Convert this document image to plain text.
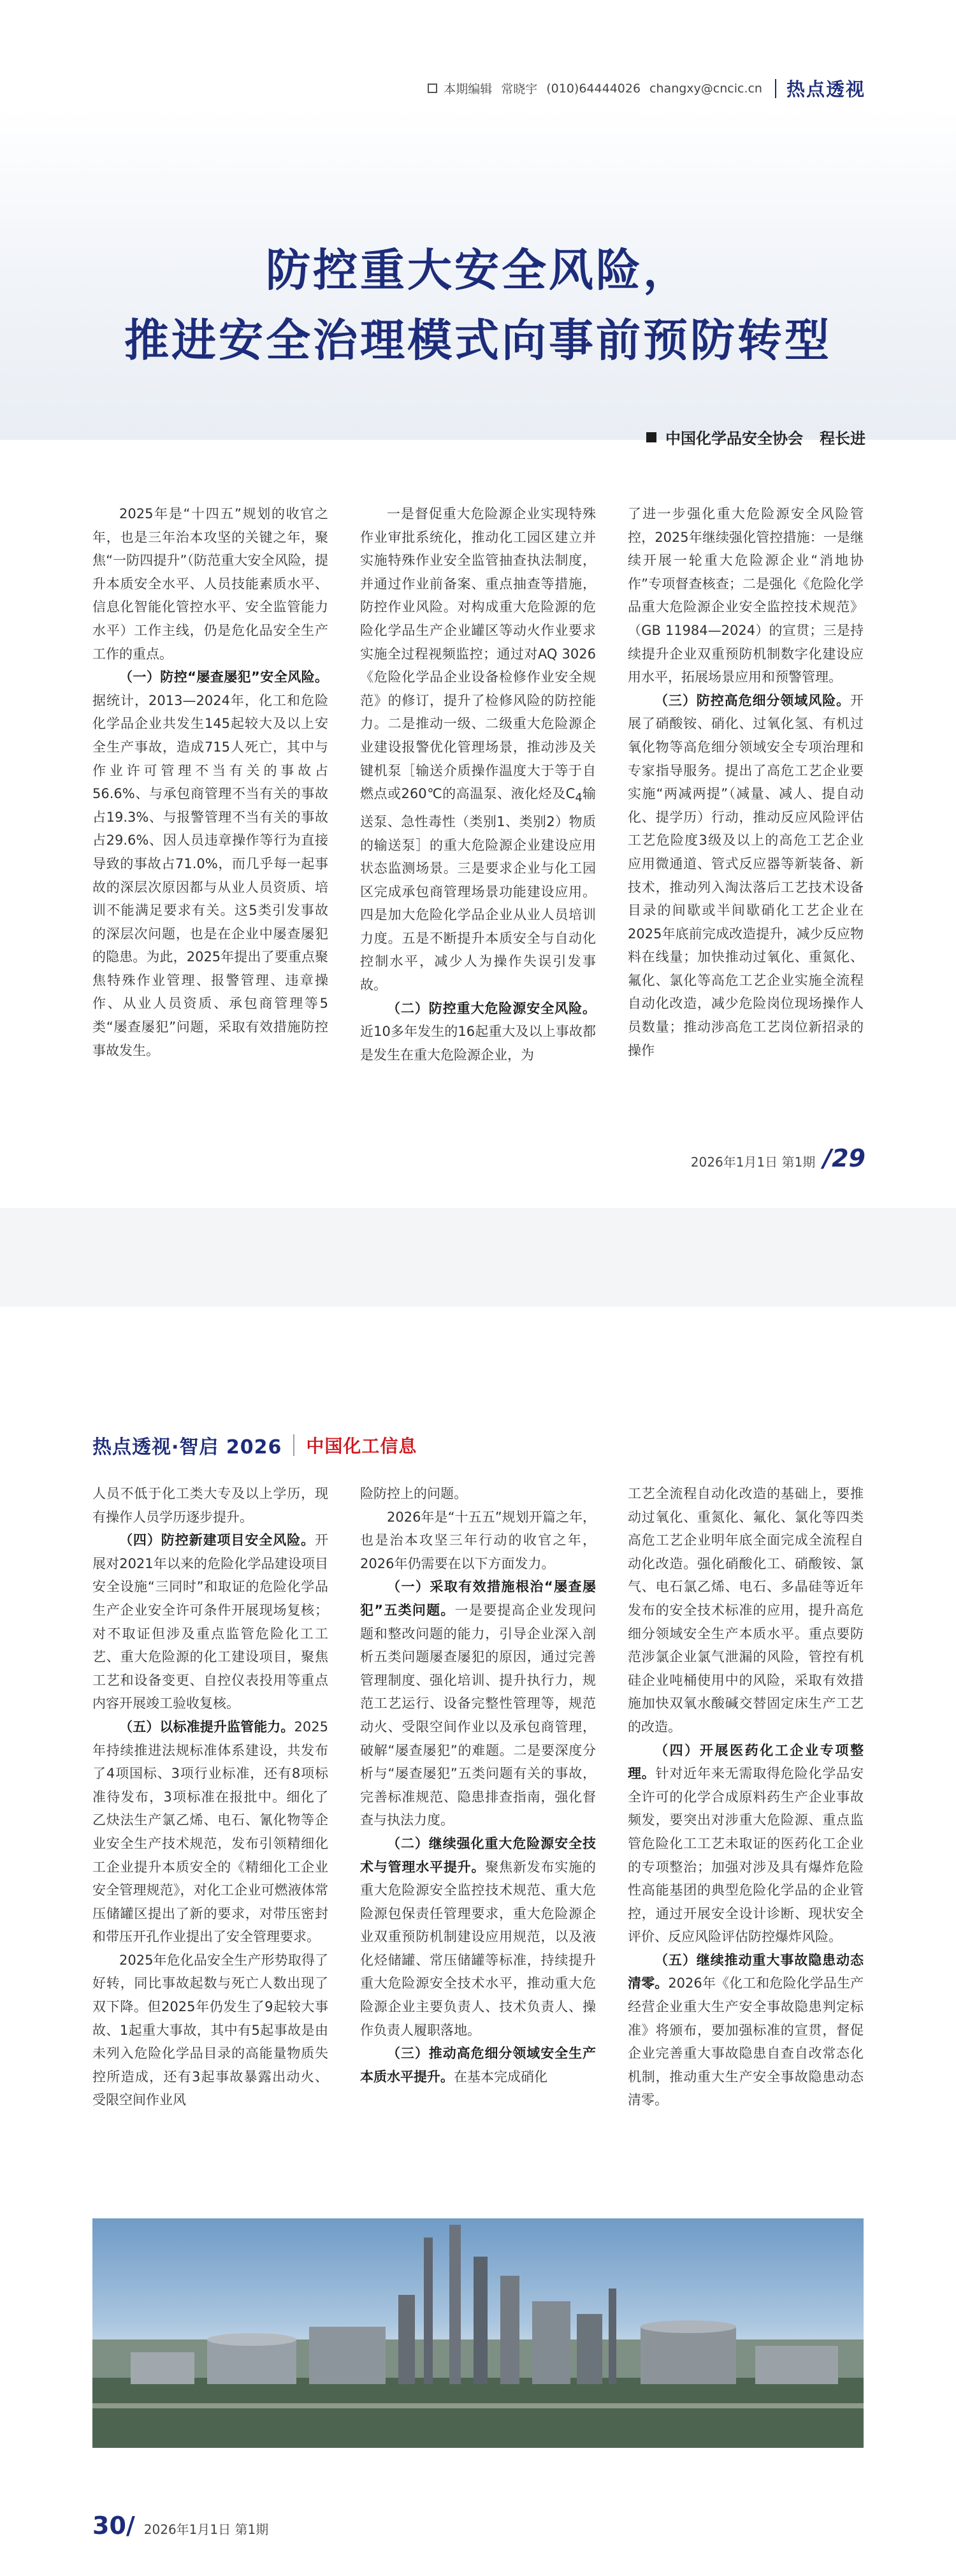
本期编辑 常晓宇 (010)64444026 changxy@cncic.cn 热点透视
防控重大安全风险，
推进安全治理模式向事前预防转型
中国化学品安全协会 程长进

2025年是“十四五”规划的收官之年，也是三年治本攻坚的关键之年，聚焦“一防四提升”（防范重大安全风险，提升本质安全水平、人员技能素质水平、信息化智能化管控水平、安全监管能力水平）工作主线，仍是危化品安全生产工作的重点。

（一）防控“屡查屡犯”安全风险。据统计，2013—2024年，化工和危险化学品企业共发生145起较大及以上安全生产事故，造成715人死亡，其中与作业许可管理不当有关的事故占56.6%、与承包商管理不当有关的事故占19.3%、与报警管理不当有关的事故占29.6%、因人员违章操作等行为直接导致的事故占71.0%，而几乎每一起事故的深层次原因都与从业人员资质、培训不能满足要求有关。这5类引发事故的深层次问题，也是在企业中屡查屡犯的隐患。为此，2025年提出了要重点聚焦特殊作业管理、报警管理、违章操作、从业人员资质、承包商管理等5类“屡查屡犯”问题，采取有效措施防控事故发生。

一是督促重大危险源企业实现特殊作业审批系统化，推动化工园区建立并实施特殊作业安全监管抽查执法制度，并通过作业前备案、重点抽查等措施，防控作业风险。对构成重大危险源的危险化学品生产企业罐区等动火作业要求实施全过程视频监控；通过对AQ 3026《危险化学品企业设备检修作业安全规范》的修订，提升了检修风险的防控能力。二是推动一级、二级重大危险源企业建设报警优化管理场景，推动涉及关键机泵［输送介质操作温度大于等于自燃点或260℃的高温泵、液化烃及$C_4$输送泵、急性毒性（类别1、类别2）物质的输送泵］的重大危险源企业建设应用状态监测场景。三是要求企业与化工园区完成承包商管理场景功能建设应用。四是加大危险化学品企业从业人员培训力度。五是不断提升本质安全与自动化控制水平，减少人为操作失误引发事故。

（二）防控重大危险源安全风险。近10多年发生的16起重大及以上事故都是发生在重大危险源企业，为

了进一步强化重大危险源安全风险管控，2025年继续强化管控措施：一是继续开展一轮重大危险源企业“消地协作”专项督查核查；二是强化《危险化学品重大危险源企业安全监控技术规范》（GB 11984—2024）的宣贯；三是持续提升企业双重预防机制数字化建设应用水平，拓展场景应用和预警管理。

（三）防控高危细分领域风险。开展了硝酸铵、硝化、过氧化氢、有机过氧化物等高危细分领域安全专项治理和专家指导服务。提出了高危工艺企业要实施“两减两提”（减量、减人、提自动化、提学历）行动，推动反应风险评估工艺危险度3级及以上的高危工艺企业应用微通道、管式反应器等新装备、新技术，推动列入淘汰落后工艺技术设备目录的间歇或半间歇硝化工艺企业在2025年底前完成改造提升，减少反应物料在线量；加快推动过氧化、重氮化、氟化、氯化等高危工艺企业实施全流程自动化改造，减少危险岗位现场操作人员数量；推动涉高危工艺岗位新招录的操作

2026年1月1日 第1期 /29
热点透视·智启 2026 中国化工信息

人员不低于化工类大专及以上学历，现有操作人员学历逐步提升。

（四）防控新建项目安全风险。开展对2021年以来的危险化学品建设项目安全设施“三同时”和取证的危险化学品生产企业安全许可条件开展现场复核；对不取证但涉及重点监管危险化工工艺、重大危险源的化工建设项目，聚焦工艺和设备变更、自控仪表投用等重点内容开展竣工验收复核。

（五）以标准提升监管能力。2025年持续推进法规标准体系建设，共发布了4项国标、3项行业标准，还有8项标准待发布，3项标准在报批中。细化了乙炔法生产氯乙烯、电石、氰化物等企业安全生产技术规范，发布引领精细化工企业提升本质安全的《精细化工企业安全管理规范》，对化工企业可燃液体常压储罐区提出了新的要求，对带压密封和带压开孔作业提出了安全管理要求。

2025年危化品安全生产形势取得了好转，同比事故起数与死亡人数出现了双下降。但2025年仍发生了9起较大事故、1起重大事故，其中有5起事故是由未列入危险化学品目录的高能量物质失控所造成，还有3起事故暴露出动火、受限空间作业风

险防控上的问题。

2026年是“十五五”规划开篇之年，也是治本攻坚三年行动的收官之年，2026年仍需要在以下方面发力。

（一）采取有效措施根治“屡查屡犯”五类问题。一是要提高企业发现问题和整改问题的能力，引导企业深入剖析五类问题屡查屡犯的原因，通过完善管理制度、强化培训、提升执行力，规范工艺运行、设备完整性管理等，规范动火、受限空间作业以及承包商管理，破解“屡查屡犯”的难题。二是要深度分析与“屡查屡犯”五类问题有关的事故，完善标准规范、隐患排查指南，强化督查与执法力度。

（二）继续强化重大危险源安全技术与管理水平提升。聚焦新发布实施的重大危险源安全监控技术规范、重大危险源包保责任管理要求，重大危险源企业双重预防机制建设应用规范，以及液化烃储罐、常压储罐等标准，持续提升重大危险源安全技术水平，推动重大危险源企业主要负责人、技术负责人、操作负责人履职落地。

（三）推动高危细分领域安全生产本质水平提升。在基本完成硝化

工艺全流程自动化改造的基础上，要推动过氧化、重氮化、氟化、氯化等四类高危工艺企业明年底全面完成全流程自动化改造。强化硝酸化工、硝酸铵、氯气、电石氯乙烯、电石、多晶硅等近年发布的安全技术标准的应用，提升高危细分领域安全生产本质水平。重点要防范涉氯企业氯气泄漏的风险，管控有机硅企业吨桶使用中的风险，采取有效措施加快双氧水酸碱交替固定床生产工艺的改造。

（四）开展医药化工企业专项整理。针对近年来无需取得危险化学品安全许可的化学合成原料药生产企业事故频发，要突出对涉重大危险源、重点监管危险化工工艺未取证的医药化工企业的专项整治；加强对涉及具有爆炸危险性高能基团的典型危险化学品的企业管控，通过开展安全设计诊断、现状安全评价、反应风险评估防控爆炸风险。

（五）继续推动重大事故隐患动态清零。2026年《化工和危险化学品生产经营企业重大生产安全事故隐患判定标准》将颁布，要加强标准的宣贯，督促企业完善重大事故隐患自查自改常态化机制，推动重大生产安全事故隐患动态清零。

30/ 2026年1月1日 第1期
